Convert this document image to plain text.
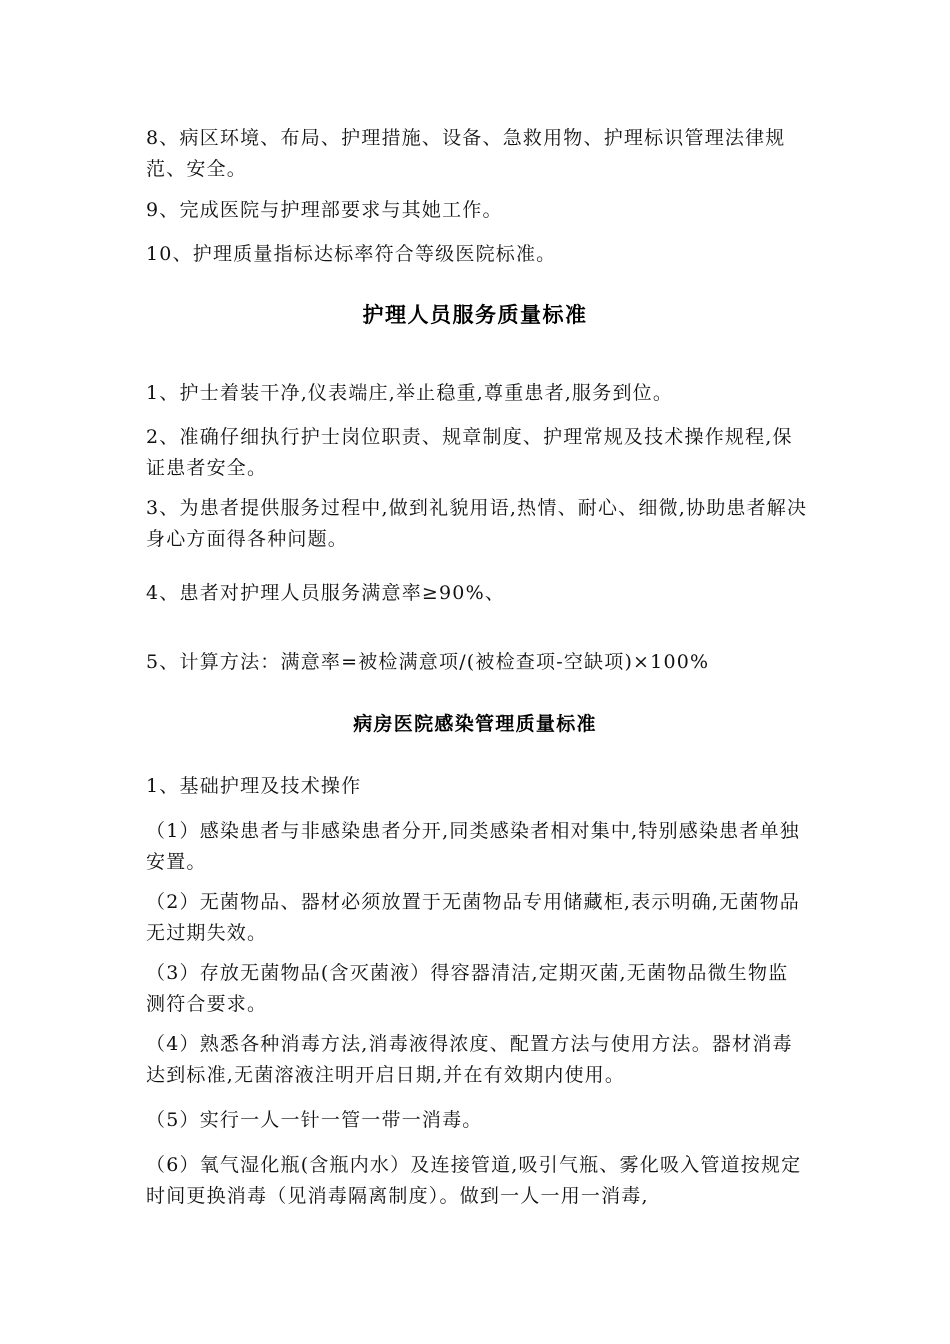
8、病区环境、布局、护理措施、设备、急救用物、护理标识管理法律规范、安全。
9、完成医院与护理部要求与其她工作。
10、护理质量指标达标率符合等级医院标准。
护理人员服务质量标准
1、护士着装干净,仪表端庄,举止稳重,尊重患者,服务到位。
2、准确仔细执行护士岗位职责、规章制度、护理常规及技术操作规程,保证患者安全。
3、为患者提供服务过程中,做到礼貌用语,热情、耐心、细微,协助患者解决身心方面得各种问题。
4、患者对护理人员服务满意率≥90%、
5、计算方法：满意率=被检满意项/(被检查项-空缺项)×100%
病房医院感染管理质量标准
1、基础护理及技术操作
（1）感染患者与非感染患者分开,同类感染者相对集中,特别感染患者单独安置。
（2）无菌物品、器材必须放置于无菌物品专用储藏柜,表示明确,无菌物品无过期失效。
（3）存放无菌物品(含灭菌液）得容器清洁,定期灭菌,无菌物品微生物监测符合要求。
（4）熟悉各种消毒方法,消毒液得浓度、配置方法与使用方法。器材消毒达到标准,无菌溶液注明开启日期,并在有效期内使用。
（5）实行一人一针一管一带一消毒。
（6）氧气湿化瓶(含瓶内水）及连接管道,吸引气瓶、雾化吸入管道按规定时间更换消毒（见消毒隔离制度）。做到一人一用一消毒,
